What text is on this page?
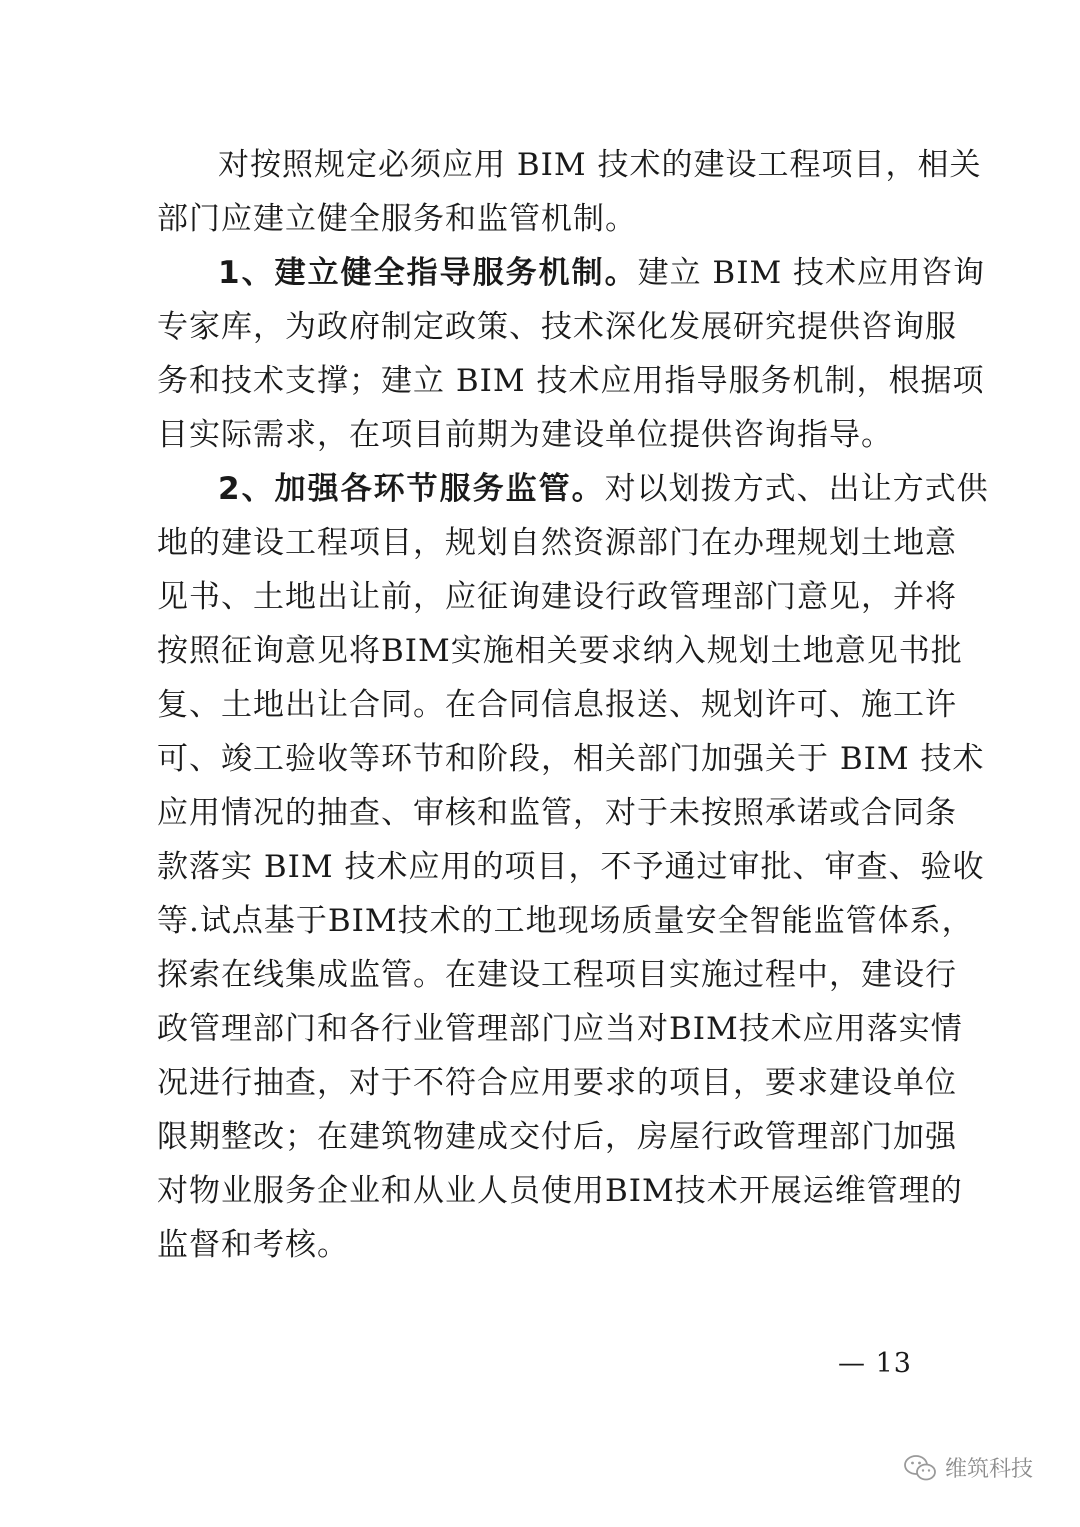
对按照规定必须应用 BIM 技术的建设工程项目，相关
部门应建立健全服务和监管机制。
1、建立健全指导服务机制。建立 BIM 技术应用咨询
专家库，为政府制定政策、技术深化发展研究提供咨询服
务和技术支撑；建立 BIM 技术应用指导服务机制，根据项
目实际需求，在项目前期为建设单位提供咨询指导。
2、加强各环节服务监管。对以划拨方式、出让方式供
地的建设工程项目，规划自然资源部门在办理规划土地意
见书、土地出让前，应征询建设行政管理部门意见，并将
按照征询意见将BIM实施相关要求纳入规划土地意见书批
复、土地出让合同。在合同信息报送、规划许可、施工许
可、竣工验收等环节和阶段，相关部门加强关于 BIM 技术
应用情况的抽查、审核和监管，对于未按照承诺或合同条
款落实 BIM 技术应用的项目，不予通过审批、审查、验收
等.试点基于BIM技术的工地现场质量安全智能监管体系，
探索在线集成监管。在建设工程项目实施过程中，建设行
政管理部门和各行业管理部门应当对BIM技术应用落实情
况进行抽查，对于不符合应用要求的项目，要求建设单位
限期整改；在建筑物建成交付后，房屋行政管理部门加强
对物业服务企业和从业人员使用BIM技术开展运维管理的
监督和考核。
— 13
维筑科技
